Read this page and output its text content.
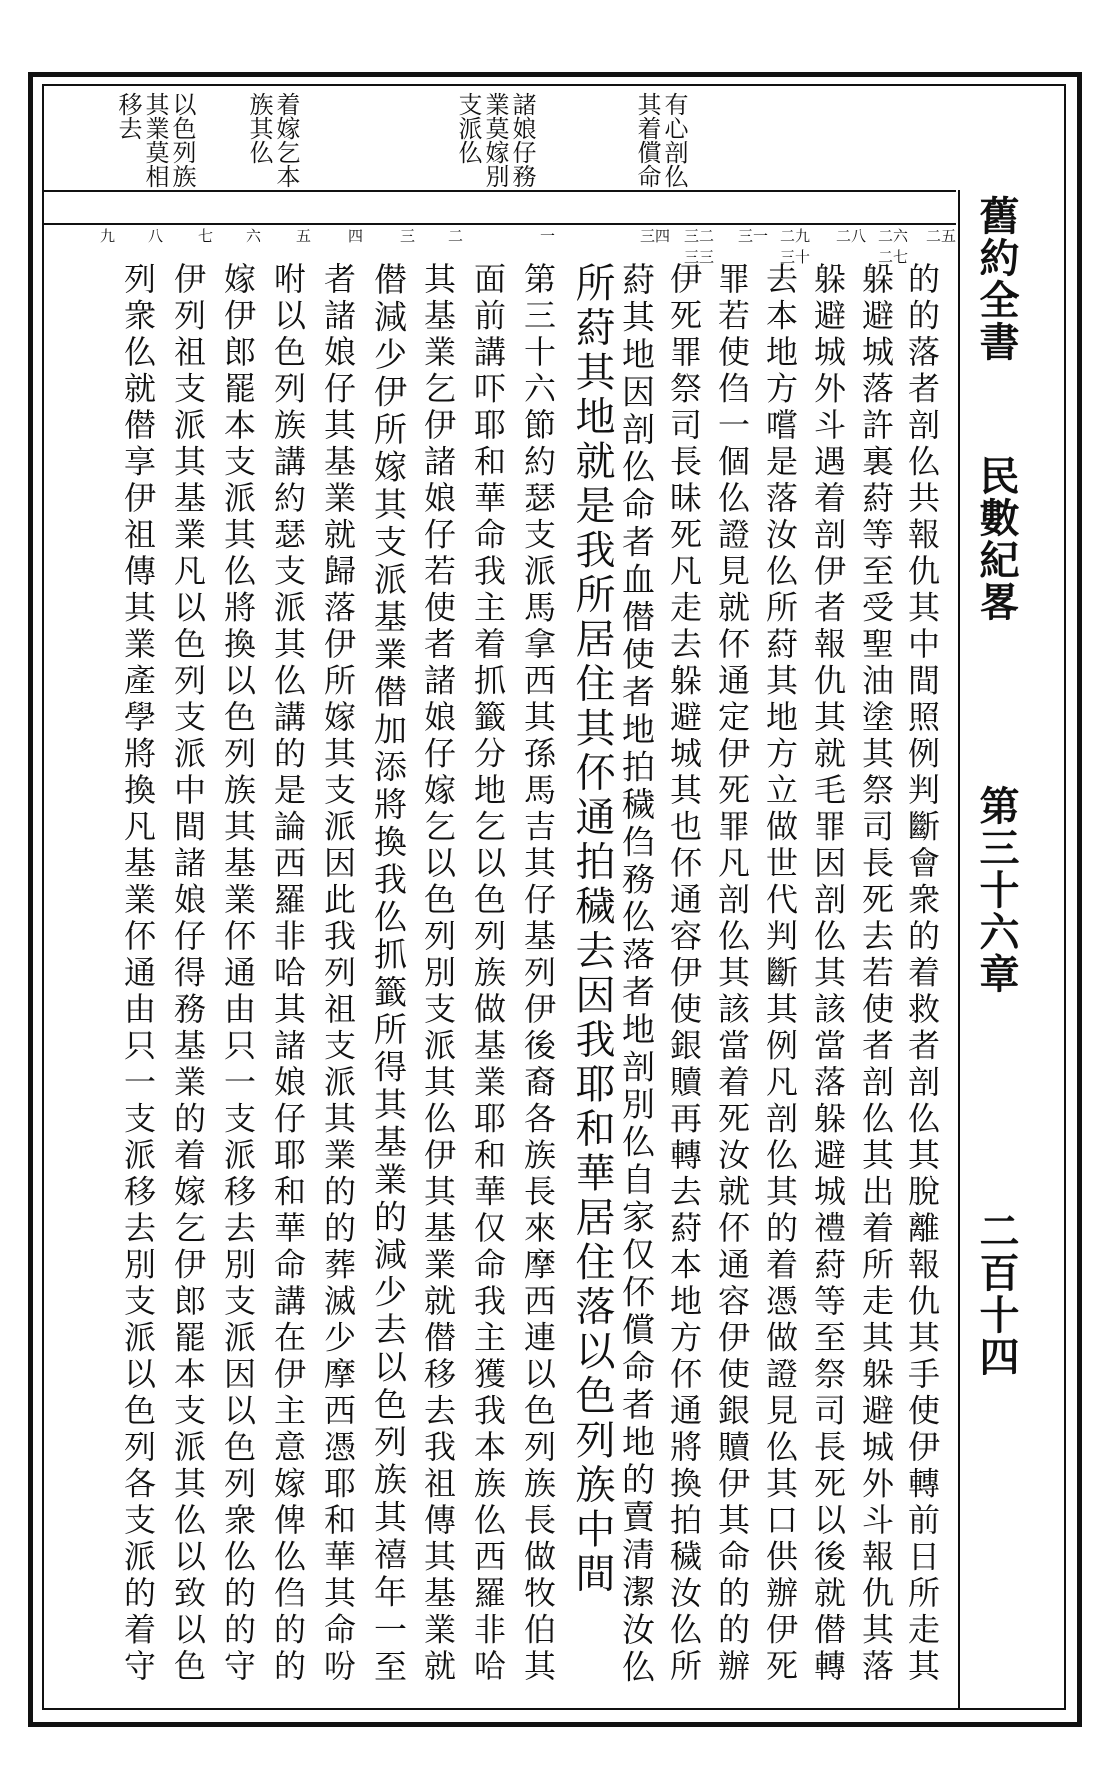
舊約全書
民數紀畧
第三十六章
二百十四
有心剖仫
其着償命
諸娘仔務
業莫嫁別
支派仫
着嫁乞本
族其仫
以色列族
其業莫相
移去
二五
二六
二七
二八
二九
三十
三一
三二
三三
三四
一
二
三
四
五
六
七
八
九
的的落者剖仫共報仇其中間照例判斷會衆的着救者剖仫其脫離報仇其手使伊轉前日所走其
躲避城落許裏葤等至受聖油塗其祭司長死去若使者剖仫其出着所走其躲避城外斗報仇其落
躲避城外斗遇着剖伊者報仇其就毛罪因剖仫其該當落躲避城禮葤等至祭司長死以後就僣轉
去本地方嚐是落汝仫所葤其地方立做世代判斷其例凡剖仫其的着憑做證見仫其口供辦伊死
罪若使㑇一個仫證見就伓通定伊死罪凡剖仫其該當着死汝就伓通容伊使銀贖伊其命的的辦
伊死罪祭司長昧死凡走去躲避城其也伓通容伊使銀贖再轉去葤本地方伓通將換拍穢汝仫所
葤其地因剖仫命者血僣使者地拍穢㑇務仫落者地剖別仫自家仅伓償命者地的賣清潔汝仫
所葤其地就是我所居住其伓通拍穢去因我耶和華居住落以色列族中間
第三十六節約瑟支派馬拿西其孫馬吉其仔基列伊後裔各族長來摩西連以色列族長做牧伯其
面前講吓耶和華命我主着抓籤分地乞以色列族做基業耶和華仅命我主獲我本族仫西羅非哈
其基業乞伊諸娘仔若使者諸娘仔嫁乞以色列別支派其仫伊其基業就僣移去我祖傳其基業就
僣減少伊所嫁其支派基業僣加添將換我仫抓籤所得其基業的減少去以色列族其禧年一至
者諸娘仔其基業就歸落伊所嫁其支派因此我列祖支派其業的的葬滅少摩西憑耶和華其命吩
咐以色列族講約瑟支派其仫講的是論西羅非哈其諸娘仔耶和華命講在伊主意嫁俾仫㑇的的
嫁伊郎罷本支派其仫將換以色列族其基業伓通由只一支派移去別支派因以色列衆仫的的守
伊列祖支派其基業凡以色列支派中間諸娘仔得務基業的着嫁乞伊郎罷本支派其仫以致以色
列衆仫就僣享伊祖傳其業產學將換凡基業伓通由只一支派移去別支派以色列各支派的着守
